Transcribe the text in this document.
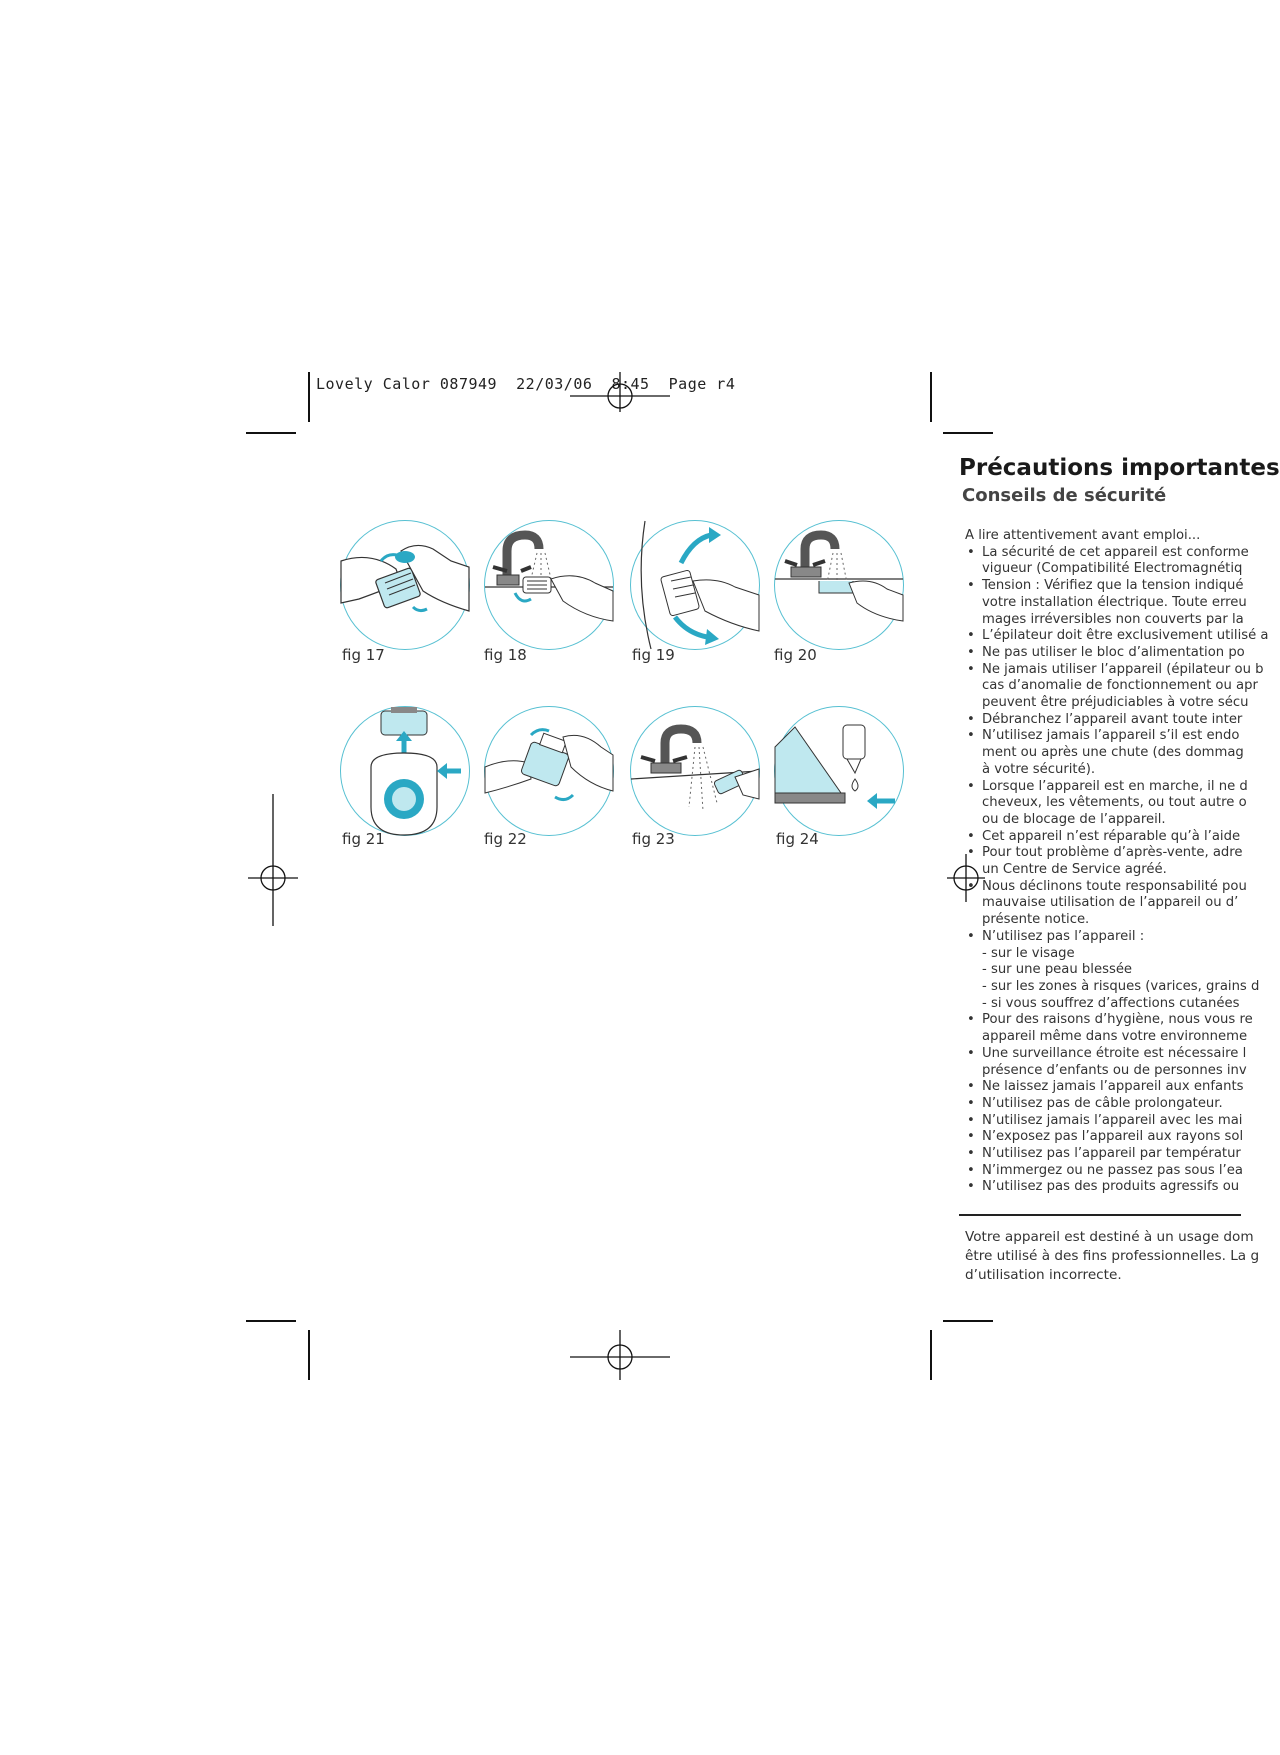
Lovely Calor 087949  22/03/06  8:45  Page r4
fig 17	fig 18	fig 19	fig 20
fig 21	fig 22	fig 23	fig 24
Précautions importantes
Conseils de sécurité
A lire attentivement avant emploi...
• La sécurité de cet appareil est conforme
vigueur (Compatibilité Electromagnétiq
• Tension : Vérifiez que la tension indiqué
votre installation électrique. Toute erreu
mages irréversibles non couverts par la
• L’épilateur doit être exclusivement utilisé a
• Ne pas utiliser le bloc d’alimentation po
• Ne jamais utiliser l’appareil (épilateur ou b
cas d’anomalie de fonctionnement ou apr
peuvent être préjudiciables à votre sécu
• Débranchez l’appareil avant toute inter
• N’utilisez jamais l’appareil s’il est endo
ment ou après une chute (des dommag
à votre sécurité).
• Lorsque l’appareil est en marche, il ne d
cheveux, les vêtements, ou tout autre o
ou de blocage de l’appareil.
• Cet appareil n’est réparable qu’à l’aide
• Pour tout problème d’après-vente, adre
un Centre de Service agréé.
• Nous déclinons toute responsabilité pou
mauvaise utilisation de l’appareil ou d’
présente notice.
• N’utilisez pas l’appareil :
- sur le visage
- sur une peau blessée
- sur les zones à risques (varices, grains d
- si vous souffrez d’affections cutanées
• Pour des raisons d’hygiène, nous vous re
appareil même dans votre environneme
• Une surveillance étroite est nécessaire l
présence d’enfants ou de personnes inv
• Ne laissez jamais l’appareil aux enfants
• N’utilisez pas de câble prolongateur.
• N’utilisez jamais l’appareil avec les mai
• N’exposez pas l’appareil aux rayons sol
• N’utilisez pas l’appareil par températur
• N’immergez ou ne passez pas sous l’ea
• N’utilisez pas des produits agressifs ou
Votre appareil est destiné à un usage dom
être utilisé à des fins professionnelles. La g
d’utilisation incorrecte.
